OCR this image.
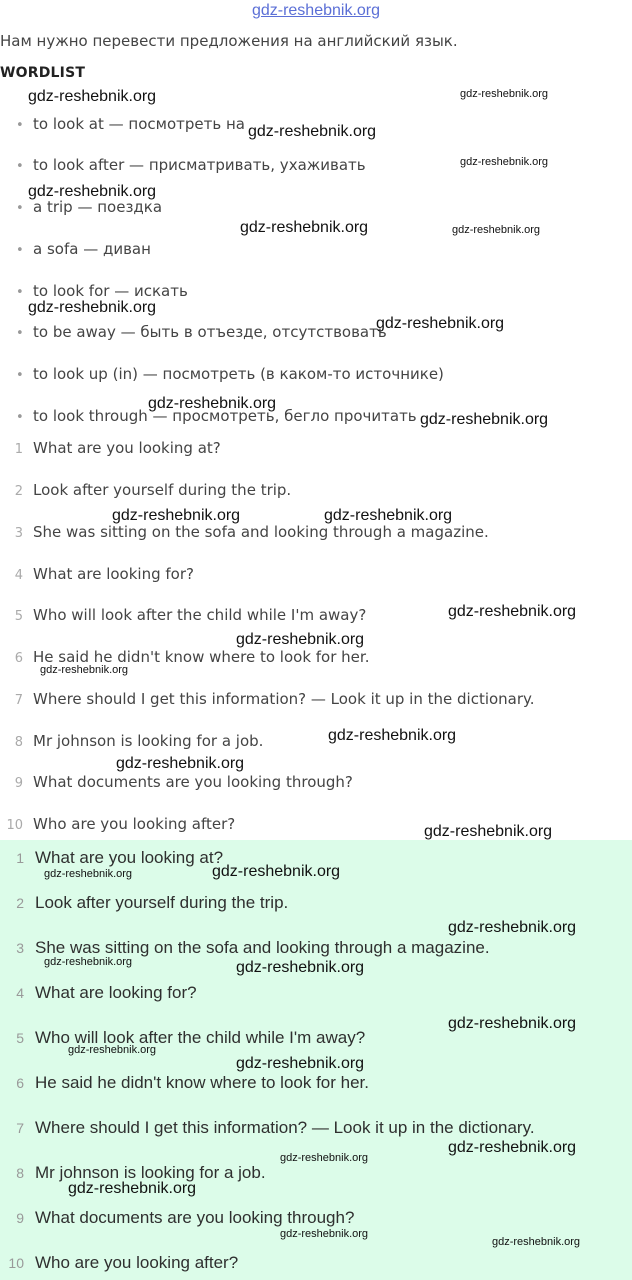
gdz-reshebnik.org
Нам нужно перевести предложения на английский язык.
WORDLIST
• to look at — посмотреть на
• to look after — присматривать, ухаживать
• a trip — поездка
• a sofa — диван
• to look for — искать
• to be away — быть в отъезде, отсутствовать
• to look up (in) — посмотреть (в каком-то источнике)
• to look through — просмотреть, бегло прочитать
1 What are you looking at?
2 Look after yourself during the trip.
3 She was sitting on the sofa and looking through a magazine.
4 What are looking for?
5 Who will look after the child while I'm away?
6 He said he didn't know where to look for her.
7 Where should I get this information? — Look it up in the dictionary.
8 Mr johnson is looking for a job.
9 What documents are you looking through?
10 Who are you looking after?
1 What are you looking at?
2 Look after yourself during the trip.
3 She was sitting on the sofa and looking through a magazine.
4 What are looking for?
5 Who will look after the child while I'm away?
6 He said he didn't know where to look for her.
7 Where should I get this information? — Look it up in the dictionary.
8 Mr johnson is looking for a job.
9 What documents are you looking through?
10 Who are you looking after?
gdz-reshebnik.org	gdz-reshebnik.org
gdz-reshebnik.org
gdz-reshebnik.org
gdz-reshebnik.org
gdz-reshebnik.org	gdz-reshebnik.org
gdz-reshebnik.org
gdz-reshebnik.org
gdz-reshebnik.org
gdz-reshebnik.org
gdz-reshebnik.org	gdz-reshebnik.org
gdz-reshebnik.org
gdz-reshebnik.org
gdz-reshebnik.org
gdz-reshebnik.org
gdz-reshebnik.org
gdz-reshebnik.org
gdz-reshebnik.org	gdz-reshebnik.org
gdz-reshebnik.org
gdz-reshebnik.org	gdz-reshebnik.org
gdz-reshebnik.org
gdz-reshebnik.org
gdz-reshebnik.org
gdz-reshebnik.org
gdz-reshebnik.org
gdz-reshebnik.org
gdz-reshebnik.org
gdz-reshebnik.org
